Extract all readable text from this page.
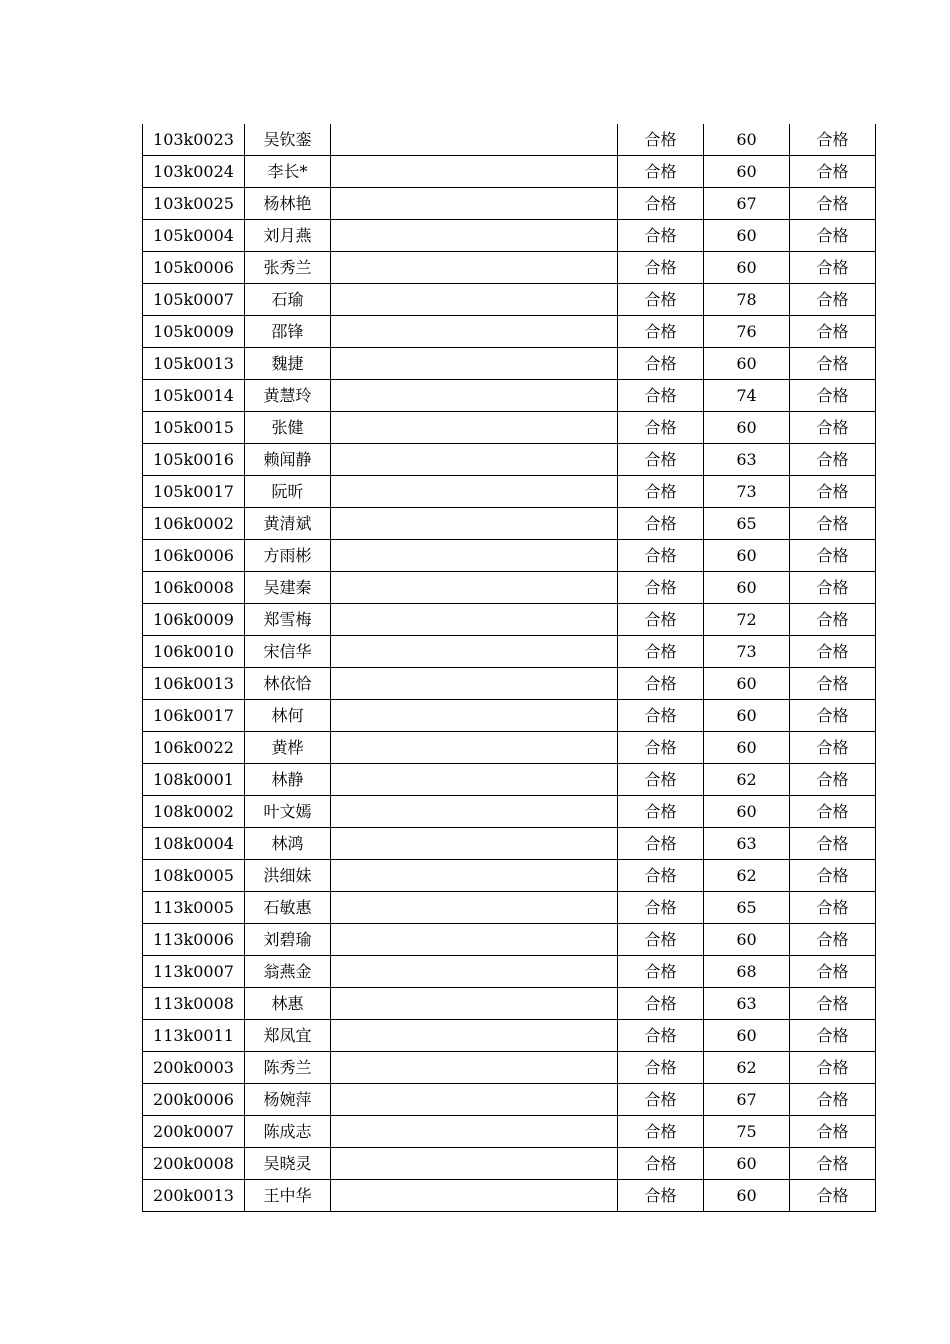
103k0023	吴钦銮		合格	60	合格
103k0024	李长*		合格	60	合格
103k0025	杨林艳		合格	67	合格
105k0004	刘月燕		合格	60	合格
105k0006	张秀兰		合格	60	合格
105k0007	石瑜		合格	78	合格
105k0009	邵锋		合格	76	合格
105k0013	魏捷		合格	60	合格
105k0014	黄慧玲		合格	74	合格
105k0015	张健		合格	60	合格
105k0016	赖闻静		合格	63	合格
105k0017	阮昕		合格	73	合格
106k0002	黄清斌		合格	65	合格
106k0006	方雨彬		合格	60	合格
106k0008	吴建秦		合格	60	合格
106k0009	郑雪梅		合格	72	合格
106k0010	宋信华		合格	73	合格
106k0013	林依恰		合格	60	合格
106k0017	林何		合格	60	合格
106k0022	黄桦		合格	60	合格
108k0001	林静		合格	62	合格
108k0002	叶文嫣		合格	60	合格
108k0004	林鸿		合格	63	合格
108k0005	洪细妹		合格	62	合格
113k0005	石敏惠		合格	65	合格
113k0006	刘碧瑜		合格	60	合格
113k0007	翁燕金		合格	68	合格
113k0008	林惠		合格	63	合格
113k0011	郑凤宜		合格	60	合格
200k0003	陈秀兰		合格	62	合格
200k0006	杨婉萍		合格	67	合格
200k0007	陈成志		合格	75	合格
200k0008	吴晓灵		合格	60	合格
200k0013	王中华		合格	60	合格
